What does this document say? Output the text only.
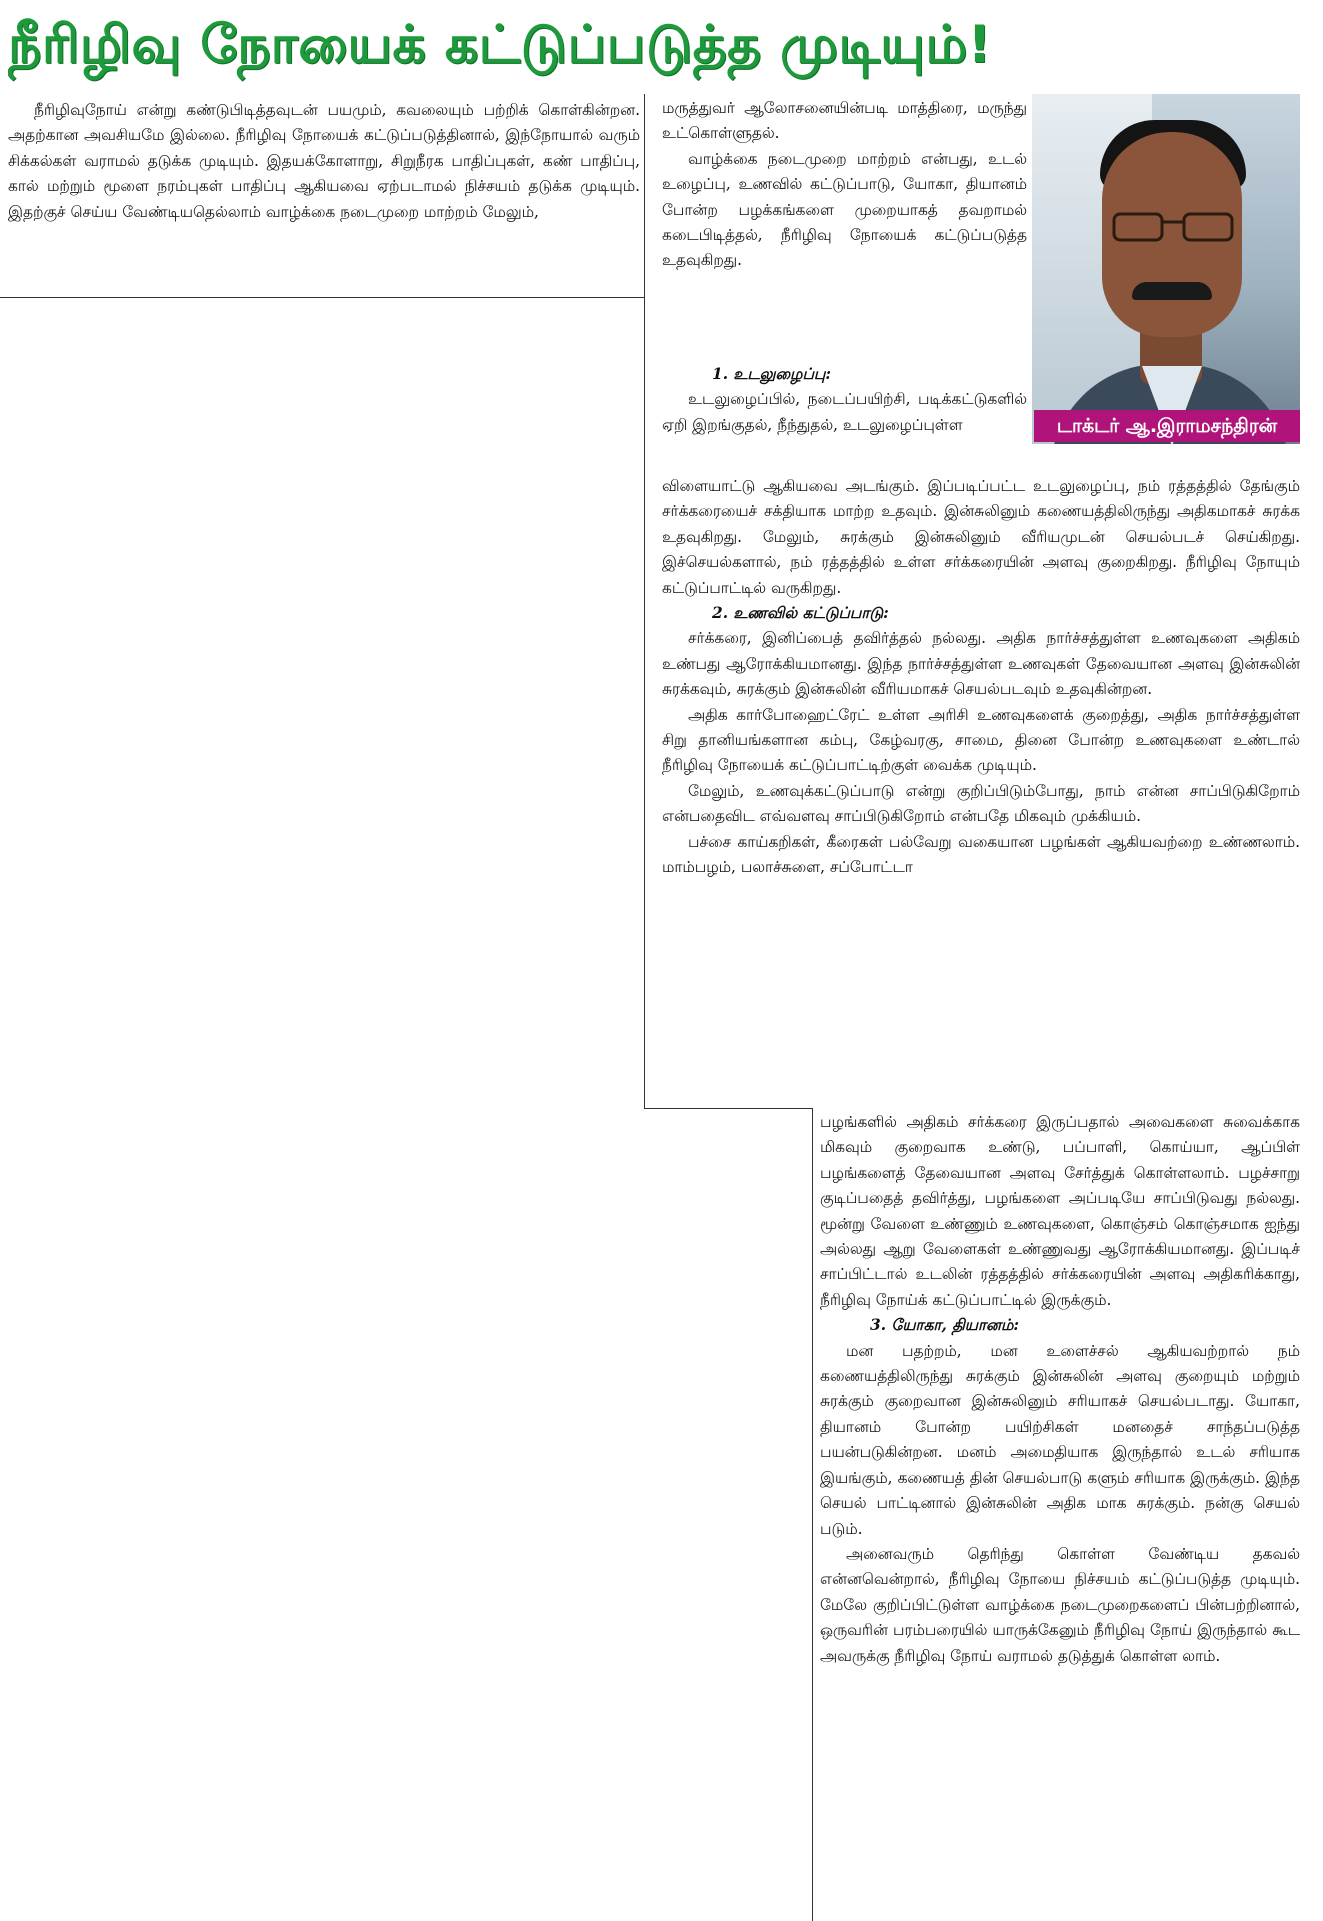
நீரிழிவு நோயைக் கட்டுப்படுத்த முடியும்!

நீரிழிவுநோய் என்று கண்டுபிடித்தவுடன் பயமும், கவலையும் பற்றிக் கொள்கின்றன. அதற்கான அவசியமே இல்லை. நீரிழிவு நோயைக் கட்டுப்படுத்தினால், இந்நோயால் வரும் சிக்கல்கள் வராமல் தடுக்க முடியும். இதயக்கோளாறு, சிறுநீரக பாதிப்புகள், கண் பாதிப்பு, கால் மற்றும் மூளை நரம்புகள் பாதிப்பு ஆகியவை ஏற்படாமல் நிச்சயம் தடுக்க முடியும். இதற்குச் செய்ய வேண்டியதெல்லாம் வாழ்க்கை நடைமுறை மாற்றம் மேலும்,

மருத்துவர் ஆலோசனையின்படி மாத்திரை, மருந்து உட்கொள்ளுதல்.

வாழ்க்கை நடைமுறை மாற்றம் என்பது, உடல் உழைப்பு, உணவில் கட்டுப்பாடு, யோகா, தியானம் போன்ற பழக்கங்களை முறையாகத் தவறாமல் கடைபிடித்தல், நீரிழிவு நோயைக் கட்டுப்படுத்த உதவுகிறது.

1. உடலுழைப்பு:

உடலுழைப்பில், நடைப்பயிற்சி, படிக்கட்டுகளில் ஏறி இறங்குதல், நீந்துதல், உடலுழைப்புள்ள	டாக்டர் ஆ.இராமசந்திரன்

விளையாட்டு ஆகியவை அடங்கும். இப்படிப்பட்ட உடலுழைப்பு, நம் ரத்தத்தில் தேங்கும் சர்க்கரையைச் சக்தியாக மாற்ற உதவும். இன்சுலினும் கணையத்திலிருந்து அதிகமாகச் சுரக்க உதவுகிறது. மேலும், சுரக்கும் இன்சுலினும் வீரியமுடன் செயல்படச் செய்கிறது. இச்செயல்களால், நம் ரத்தத்தில் உள்ள சர்க்கரையின் அளவு குறைகிறது. நீரிழிவு நோயும் கட்டுப்பாட்டில் வருகிறது.

2. உணவில் கட்டுப்பாடு:

சர்க்கரை, இனிப்பைத் தவிர்த்தல் நல்லது. அதிக நார்ச்சத்துள்ள உணவுகளை அதிகம் உண்பது ஆரோக்கியமானது. இந்த நார்ச்சத்துள்ள உணவுகள் தேவையான அளவு இன்சுலின் சுரக்கவும், சுரக்கும் இன்சுலின் வீரியமாகச் செயல்படவும் உதவுகின்றன.

அதிக கார்போஹைட்ரேட் உள்ள அரிசி உணவுகளைக் குறைத்து, அதிக நார்ச்சத்துள்ள சிறு தானியங்களான கம்பு, கேழ்வரகு, சாமை, தினை போன்ற உணவுகளை உண்டால் நீரிழிவு நோயைக் கட்டுப்பாட்டிற்குள் வைக்க முடியும்.

மேலும், உணவுக்கட்டுப்பாடு என்று குறிப்பிடும்போது, நாம் என்ன சாப்பிடுகிறோம் என்பதைவிட எவ்வளவு சாப்பிடுகிறோம் என்பதே மிகவும் முக்கியம்.

பச்சை காய்கறிகள், கீரைகள் பல்வேறு வகையான பழங்கள் ஆகியவற்றை உண்ணலாம். மாம்பழம், பலாச்சுளை, சப்போட்டா

பழங்களில் அதிகம் சர்க்கரை இருப்பதால் அவைகளை சுவைக்காக மிகவும் குறைவாக உண்டு, பப்பாளி, கொய்யா, ஆப்பிள் பழங்களைத் தேவையான அளவு சேர்த்துக் கொள்ளலாம். பழச்சாறு குடிப்பதைத் தவிர்த்து, பழங்களை அப்படியே சாப்பிடுவது நல்லது. மூன்று வேளை உண்ணும் உணவுகளை, கொஞ்சம் கொஞ்சமாக ஐந்து அல்லது ஆறு வேளைகள் உண்ணுவது ஆரோக்கியமானது. இப்படிச் சாப்பிட்டால் உடலின் ரத்தத்தில் சர்க்கரையின் அளவு அதிகரிக்காது, நீரிழிவு நோய்க் கட்டுப்பாட்டில் இருக்கும்.

3. யோகா, தியானம்:

மன பதற்றம், மன உளைச்சல் ஆகியவற்றால் நம் கணையத்திலிருந்து சுரக்கும் இன்சுலின் அளவு குறையும் மற்றும் சுரக்கும் குறைவான இன்சுலினும் சரியாகச் செயல்படாது. யோகா, தியானம் போன்ற பயிற்சிகள் மனதைச் சாந்தப்படுத்த பயன்படுகின்றன. மனம் அமைதியாக இருந்தால் உடல் சரியாக இயங்கும், கணையத் தின் செயல்பாடு களும் சரியாக இருக்கும். இந்த செயல் பாட்டினால் இன்சுலின் அதிக மாக சுரக்கும். நன்கு செயல் படும்.

அனைவரும் தெரிந்து கொள்ள வேண்டிய தகவல் என்னவென்றால், நீரிழிவு நோயை நிச்சயம் கட்டுப்படுத்த முடியும். மேலே குறிப்பிட்டுள்ள வாழ்க்கை நடைமுறைகளைப் பின்பற்றினால், ஒருவரின் பரம்பரையில் யாருக்கேனும் நீரிழிவு நோய் இருந்தால் கூட அவருக்கு நீரிழிவு நோய் வராமல் தடுத்துக் கொள்ள லாம்.
